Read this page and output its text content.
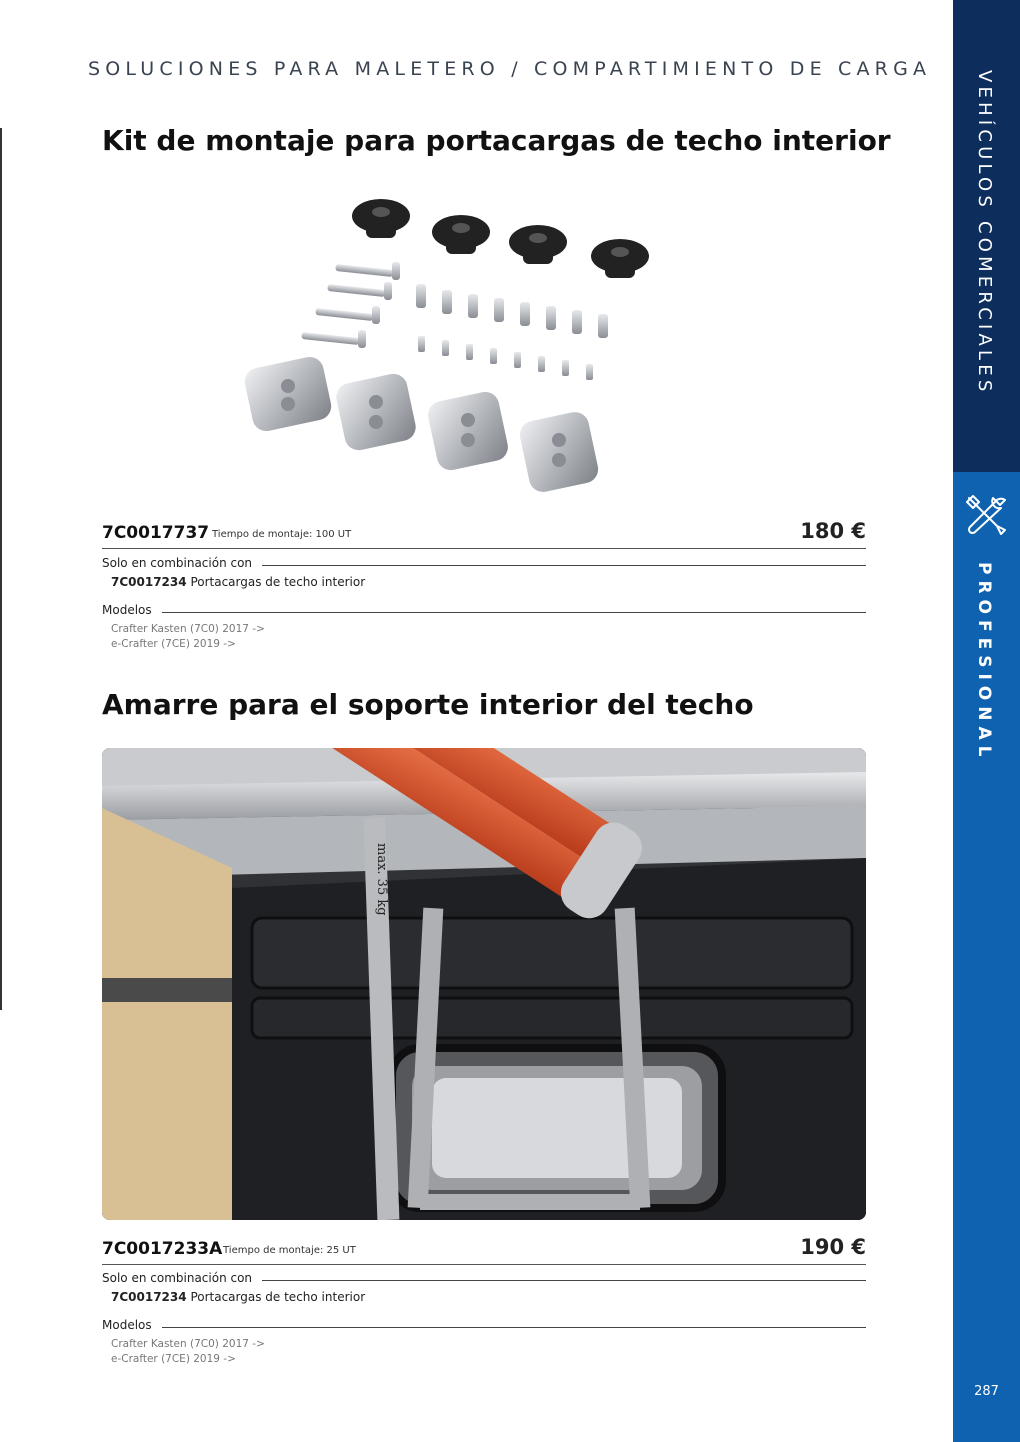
SOLUCIONES PARA MALETERO / COMPARTIMIENTO DE CARGA
VEHÍCULOS COMERCIALES
PROFESIONAL
287
Kit de montaje para portacargas de techo interior
7C0017737 Tiempo de montaje: 100 UT	180 €
Solo en combinación con
7C0017234 Portacargas de techo interior
Modelos
Crafter Kasten (7C0) 2017 ->
e-Crafter (7CE) 2019 ->
Amarre para el soporte interior del techo
max. 35 kg
7C0017233A Tiempo de montaje: 25 UT	190 €
Solo en combinación con
7C0017234 Portacargas de techo interior
Modelos
Crafter Kasten (7C0) 2017 ->
e-Crafter (7CE) 2019 ->
